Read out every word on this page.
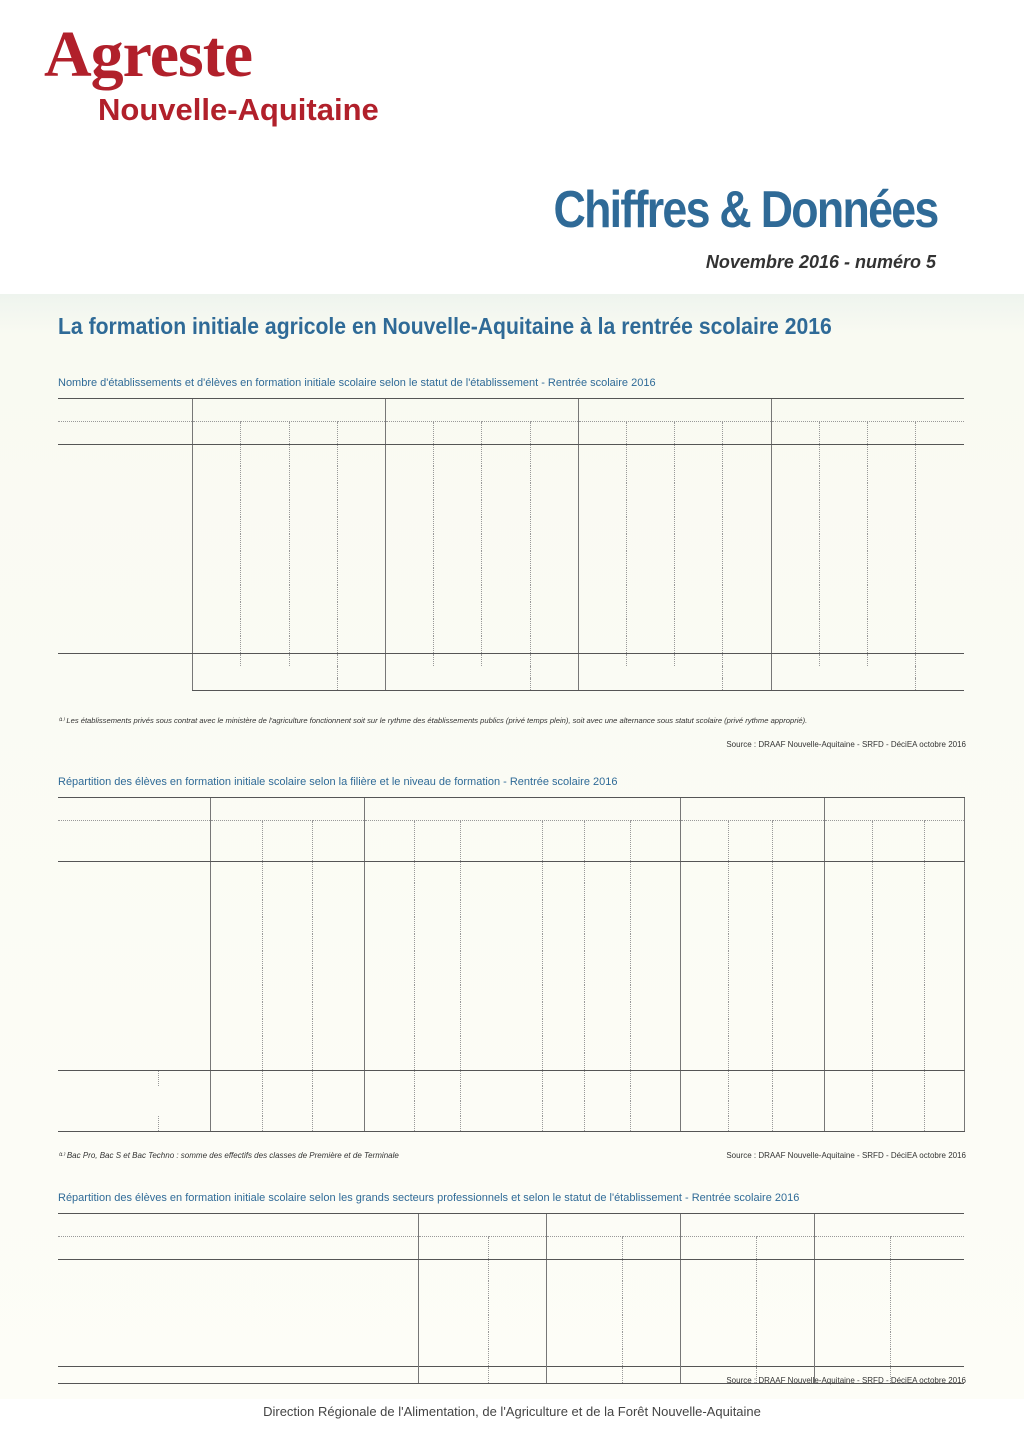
Agreste
Nouvelle-Aquitaine
Chiffres & Données
Novembre 2016 - numéro 5
La formation initiale agricole en Nouvelle-Aquitaine à la rentrée scolaire 2016
Nombre d'établissements et d'élèves en formation initiale scolaire selon le statut de l'établissement - Rentrée scolaire 2016

⁽¹⁾ Les établissements privés sous contrat avec le ministère de l'agriculture fonctionnent soit sur le rythme des établissements publics (privé temps plein), soit avec une alternance sous statut scolaire (privé rythme approprié).
Source : DRAAF Nouvelle-Aquitaine - SRFD - DéciEA octobre 2016
Répartition des élèves en formation initiale scolaire selon la filière et le niveau de formation - Rentrée scolaire 2016

⁽¹⁾ Bac Pro, Bac S et Bac Techno : somme des effectifs des classes de Première et de Terminale	Source : DRAAF Nouvelle-Aquitaine - SRFD - DéciEA octobre 2016
Répartition des élèves en formation initiale scolaire selon les grands secteurs professionnels et selon le statut de l'établissement - Rentrée scolaire 2016

Source : DRAAF Nouvelle-Aquitaine - SRFD - DéciEA octobre 2016
Direction Régionale de l'Alimentation, de l'Agriculture et de la Forêt Nouvelle-Aquitaine
